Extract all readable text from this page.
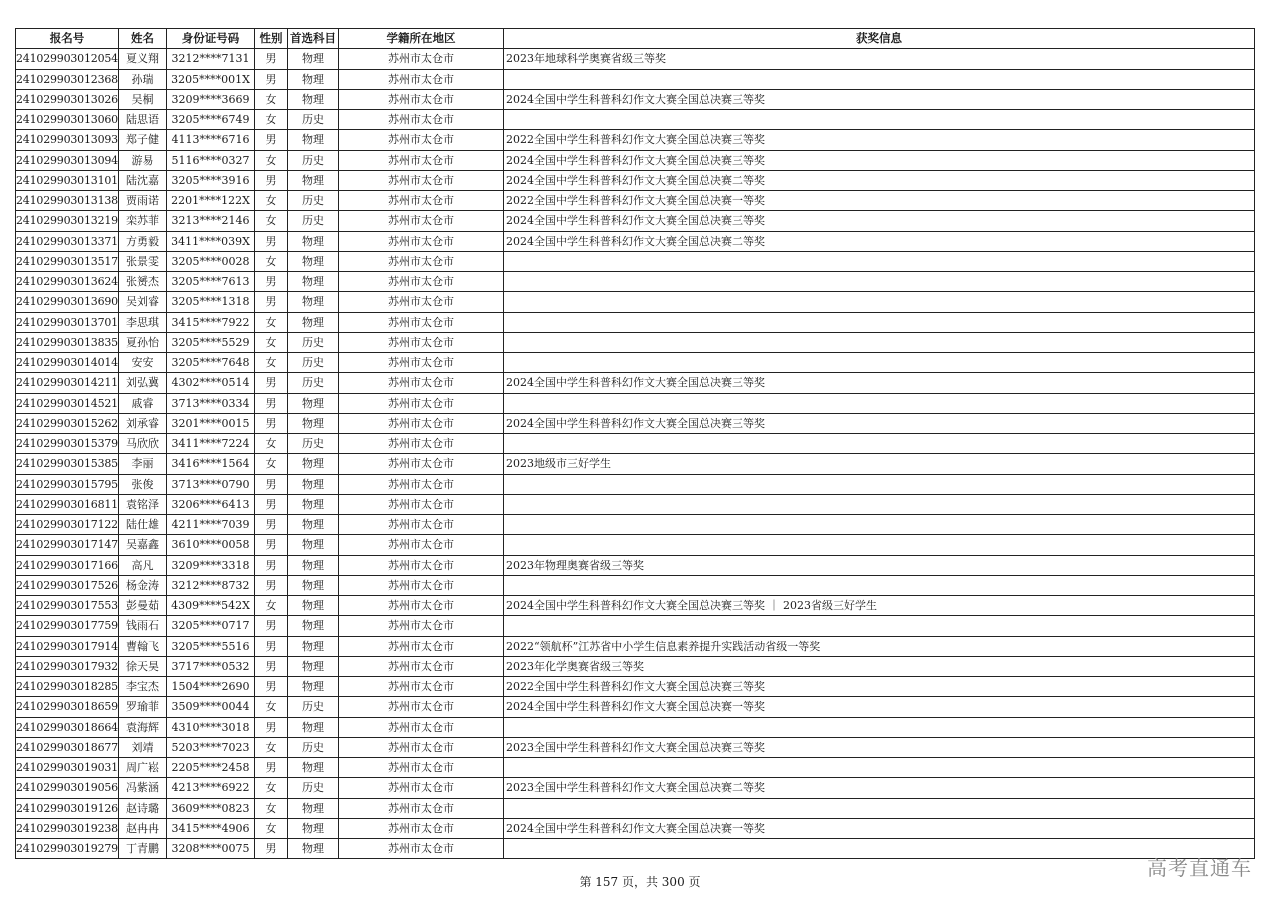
报名号	姓名	身份证号码	性别	首选科目	学籍所在地区	获奖信息
241029903012054	夏义翔	3212****7131	男	物理	苏州市太仓市	2023年地球科学奥赛省级三等奖
241029903012368	孙瑞	3205****001X	男	物理	苏州市太仓市	
241029903013026	吴桐	3209****3669	女	物理	苏州市太仓市	2024全国中学生科普科幻作文大赛全国总决赛三等奖
241029903013060	陆思语	3205****6749	女	历史	苏州市太仓市	
241029903013093	郑子健	4113****6716	男	物理	苏州市太仓市	2022全国中学生科普科幻作文大赛全国总决赛三等奖
241029903013094	游易	5116****0327	女	历史	苏州市太仓市	2024全国中学生科普科幻作文大赛全国总决赛三等奖
241029903013101	陆沈嘉	3205****3916	男	物理	苏州市太仓市	2024全国中学生科普科幻作文大赛全国总决赛二等奖
241029903013138	贾雨诺	2201****122X	女	历史	苏州市太仓市	2022全国中学生科普科幻作文大赛全国总决赛一等奖
241029903013219	栾苏菲	3213****2146	女	历史	苏州市太仓市	2024全国中学生科普科幻作文大赛全国总决赛三等奖
241029903013371	方勇毅	3411****039X	男	物理	苏州市太仓市	2024全国中学生科普科幻作文大赛全国总决赛二等奖
241029903013517	张景雯	3205****0028	女	物理	苏州市太仓市	
241029903013624	张赟杰	3205****7613	男	物理	苏州市太仓市	
241029903013690	吴刘睿	3205****1318	男	物理	苏州市太仓市	
241029903013701	李思琪	3415****7922	女	物理	苏州市太仓市	
241029903013835	夏孙怡	3205****5529	女	历史	苏州市太仓市	
241029903014014	安安	3205****7648	女	历史	苏州市太仓市	
241029903014211	刘弘冀	4302****0514	男	历史	苏州市太仓市	2024全国中学生科普科幻作文大赛全国总决赛三等奖
241029903014521	戚睿	3713****0334	男	物理	苏州市太仓市	
241029903015262	刘承睿	3201****0015	男	物理	苏州市太仓市	2024全国中学生科普科幻作文大赛全国总决赛三等奖
241029903015379	马欣欣	3411****7224	女	历史	苏州市太仓市	
241029903015385	李丽	3416****1564	女	物理	苏州市太仓市	2023地级市三好学生
241029903015795	张俊	3713****0790	男	物理	苏州市太仓市	
241029903016811	袁铭泽	3206****6413	男	物理	苏州市太仓市	
241029903017122	陆仕雄	4211****7039	男	物理	苏州市太仓市	
241029903017147	吴嘉鑫	3610****0058	男	物理	苏州市太仓市	
241029903017166	高凡	3209****3318	男	物理	苏州市太仓市	2023年物理奥赛省级三等奖
241029903017526	杨金涛	3212****8732	男	物理	苏州市太仓市	
241029903017553	彭曼茹	4309****542X	女	物理	苏州市太仓市	2024全国中学生科普科幻作文大赛全国总决赛三等奖 ｜ 2023省级三好学生
241029903017759	钱雨石	3205****0717	男	物理	苏州市太仓市	
241029903017914	曹翰飞	3205****5516	男	物理	苏州市太仓市	2022“领航杯”江苏省中小学生信息素养提升实践活动省级一等奖
241029903017932	徐天昊	3717****0532	男	物理	苏州市太仓市	2023年化学奥赛省级三等奖
241029903018285	李宝杰	1504****2690	男	物理	苏州市太仓市	2022全国中学生科普科幻作文大赛全国总决赛三等奖
241029903018659	罗瑜菲	3509****0044	女	历史	苏州市太仓市	2024全国中学生科普科幻作文大赛全国总决赛一等奖
241029903018664	袁海辉	4310****3018	男	物理	苏州市太仓市	
241029903018677	刘靖	5203****7023	女	历史	苏州市太仓市	2023全国中学生科普科幻作文大赛全国总决赛三等奖
241029903019031	周广崧	2205****2458	男	物理	苏州市太仓市	
241029903019056	冯紫涵	4213****6922	女	历史	苏州市太仓市	2023全国中学生科普科幻作文大赛全国总决赛二等奖
241029903019126	赵诗璐	3609****0823	女	物理	苏州市太仓市	
241029903019238	赵冉冉	3415****4906	女	物理	苏州市太仓市	2024全国中学生科普科幻作文大赛全国总决赛一等奖
241029903019279	丁青鹏	3208****0075	男	物理	苏州市太仓市	
第 157 页，共 300 页
高考直通车
